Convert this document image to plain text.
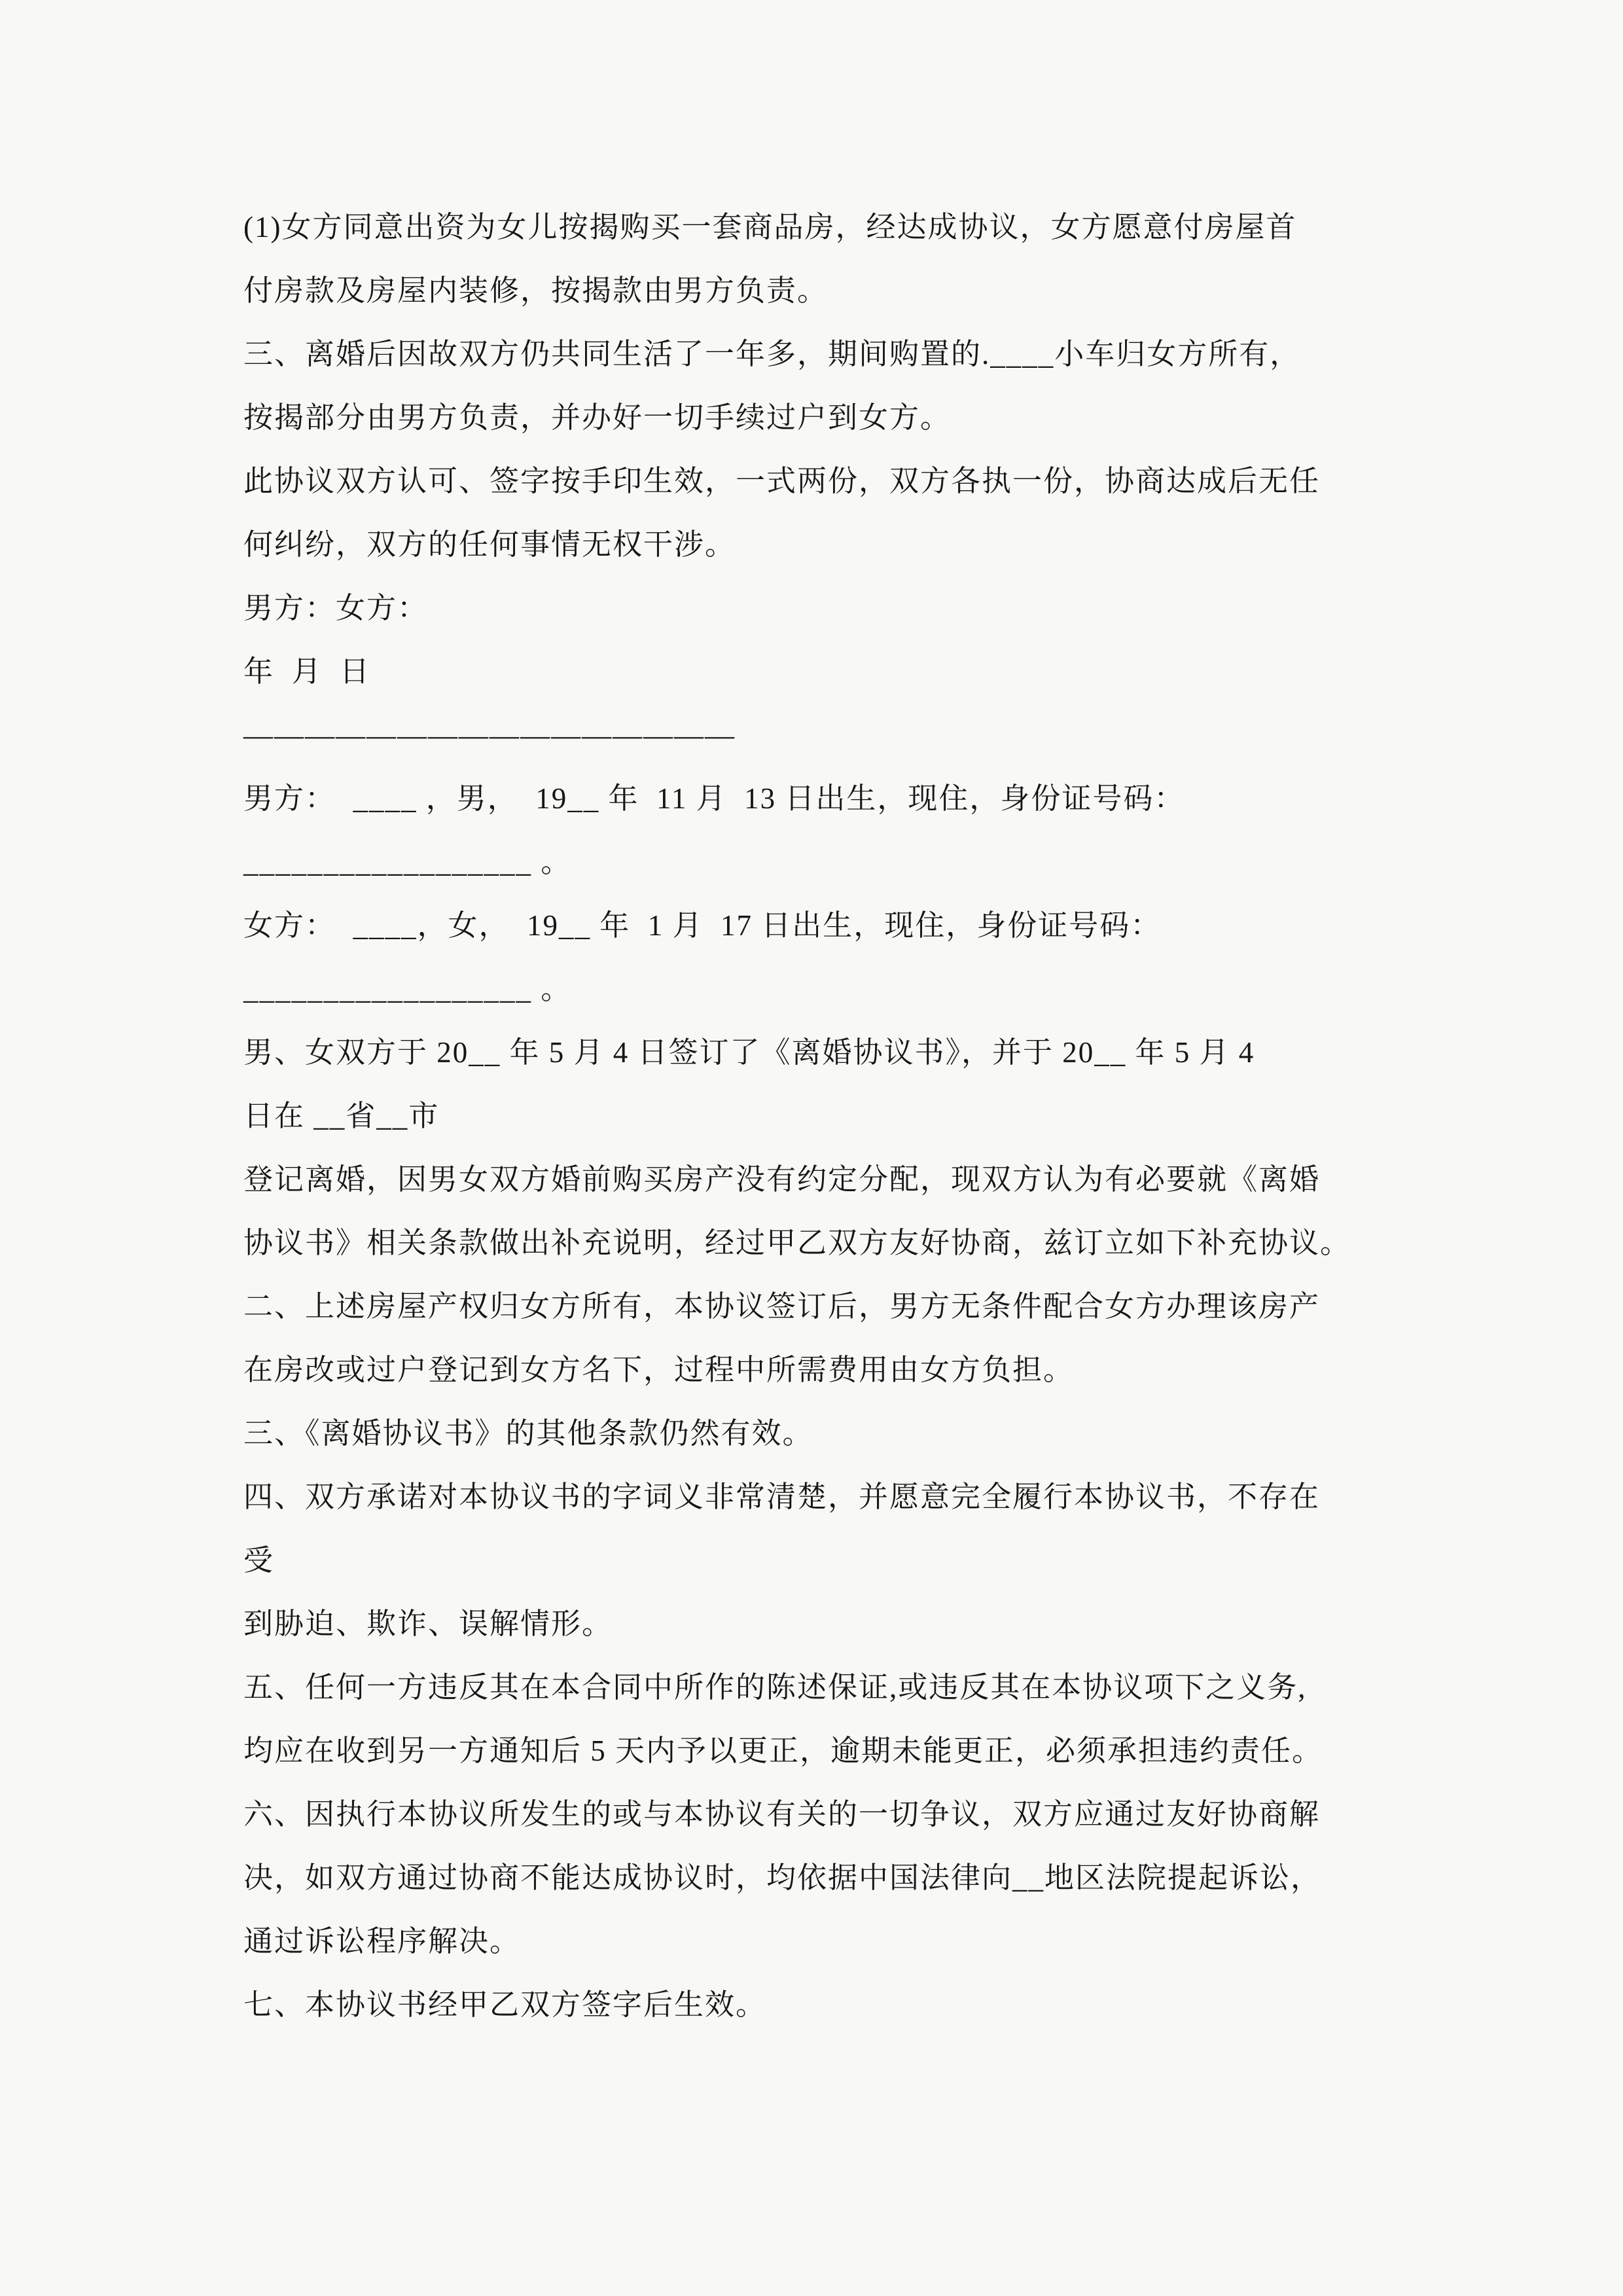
(1)女方同意出资为女儿按揭购买一套商品房，经达成协议，女方愿意付房屋首
付房款及房屋内装修，按揭款由男方负责。
三、离婚后因故双方仍共同生活了一年多，期间购置的.____小车归女方所有，
按揭部分由男方负责，并办好一切手续过户到女方。
此协议双方认可、签字按手印生效，一式两份，双方各执一份，协商达成后无任
何纠纷，双方的任何事情无权干涉。
男方：女方：
年  月  日
————————————————
男方：  ____ ，男，  19__ 年  11 月  13 日出生，现住，身份证号码：
__________________ 。
女方：  ____，女，  19__ 年  1 月  17 日出生，现住，身份证号码：
__________________ 。
男、女双方于 20__ 年 5 月 4 日签订了《离婚协议书》，并于 20__ 年 5 月 4
日在 __省__市
登记离婚，因男女双方婚前购买房产没有约定分配，现双方认为有必要就《离婚
协议书》相关条款做出补充说明，经过甲乙双方友好协商，兹订立如下补充协议。
二、上述房屋产权归女方所有，本协议签订后，男方无条件配合女方办理该房产
在房改或过户登记到女方名下，过程中所需费用由女方负担。
三、《离婚协议书》的其他条款仍然有效。
四、双方承诺对本协议书的字词义非常清楚，并愿意完全履行本协议书，不存在
受
到胁迫、欺诈、误解情形。
五、任何一方违反其在本合同中所作的陈述保证,或违反其在本协议项下之义务,
均应在收到另一方通知后 5 天内予以更正，逾期未能更正，必须承担违约责任。
六、因执行本协议所发生的或与本协议有关的一切争议，双方应通过友好协商解
决，如双方通过协商不能达成协议时，均依据中国法律向__地区法院提起诉讼，
通过诉讼程序解决。
七、本协议书经甲乙双方签字后生效。
